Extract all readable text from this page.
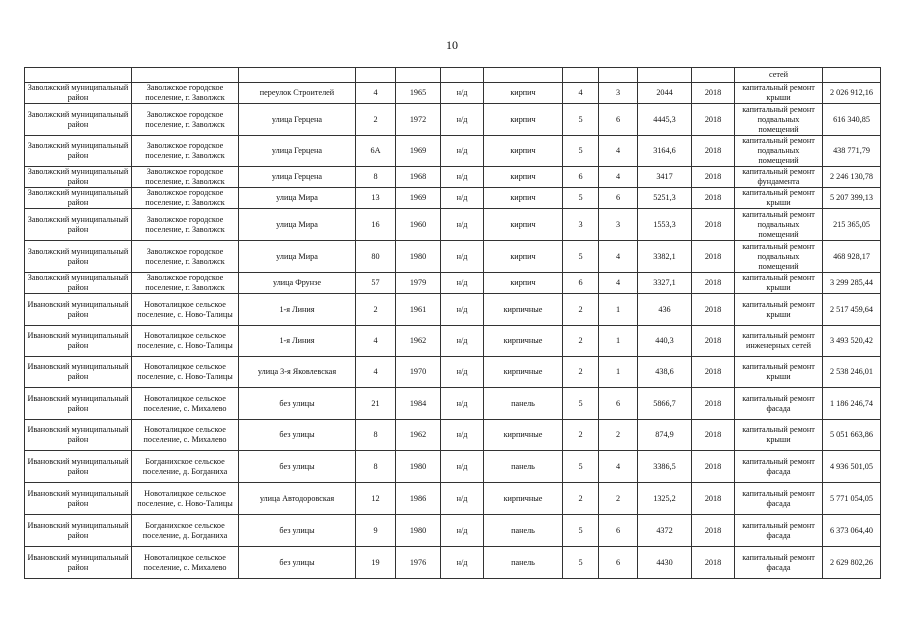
10
											сетей	
Заволжский муниципальный район	Заволжское городское поселение, г. Заволжск	переулок Строителей	4	1965	н/д	кирпич	4	3	2044	2018	капитальный ремонт крыши	2 026 912,16
Заволжский муниципальный район	Заволжское городское поселение, г. Заволжск	улица Герцена	2	1972	н/д	кирпич	5	6	4445,3	2018	капитальный ремонт подвальных помещений	616 340,85
Заволжский муниципальный район	Заволжское городское поселение, г. Заволжск	улица Герцена	6А	1969	н/д	кирпич	5	4	3164,6	2018	капитальный ремонт подвальных помещений	438 771,79
Заволжский муниципальный район	Заволжское городское поселение, г. Заволжск	улица Герцена	8	1968	н/д	кирпич	6	4	3417	2018	капитальный ремонт фундамента	2 246 130,78
Заволжский муниципальный район	Заволжское городское поселение, г. Заволжск	улица Мира	13	1969	н/д	кирпич	5	6	5251,3	2018	капитальный ремонт крыши	5 207 399,13
Заволжский муниципальный район	Заволжское городское поселение, г. Заволжск	улица Мира	16	1960	н/д	кирпич	3	3	1553,3	2018	капитальный ремонт подвальных помещений	215 365,05
Заволжский муниципальный район	Заволжское городское поселение, г. Заволжск	улица Мира	80	1980	н/д	кирпич	5	4	3382,1	2018	капитальный ремонт подвальных помещений	468 928,17
Заволжский муниципальный район	Заволжское городское поселение, г. Заволжск	улица Фрунзе	57	1979	н/д	кирпич	6	4	3327,1	2018	капитальный ремонт крыши	3 299 285,44
Ивановский муниципальный район	Новоталицкое сельское поселение, с. Ново-Талицы	1-я Линия	2	1961	н/д	кирпичные	2	1	436	2018	капитальный ремонт крыши	2 517 459,64
Ивановский муниципальный район	Новоталицкое сельское поселение, с. Ново-Талицы	1-я Линия	4	1962	н/д	кирпичные	2	1	440,3	2018	капитальный ремонт инженерных сетей	3 493 520,42
Ивановский муниципальный район	Новоталицкое сельское поселение, с. Ново-Талицы	улица 3-я Яковлевская	4	1970	н/д	кирпичные	2	1	438,6	2018	капитальный ремонт крыши	2 538 246,01
Ивановский муниципальный район	Новоталицкое сельское поселение, с. Михалево	без улицы	21	1984	н/д	панель	5	6	5866,7	2018	капитальный ремонт фасада	1 186 246,74
Ивановский муниципальный район	Новоталицкое сельское поселение, с. Михалево	без улицы	8	1962	н/д	кирпичные	2	2	874,9	2018	капитальный ремонт крыши	5 051 663,86
Ивановский муниципальный район	Богданихское сельское поселение, д. Богданиха	без улицы	8	1980	н/д	панель	5	4	3386,5	2018	капитальный ремонт фасада	4 936 501,05
Ивановский муниципальный район	Новоталицкое сельское поселение, с. Ново-Талицы	улица Автодоровская	12	1986	н/д	кирпичные	2	2	1325,2	2018	капитальный ремонт фасада	5 771 054,05
Ивановский муниципальный район	Богданихское сельское поселение, д. Богданиха	без улицы	9	1980	н/д	панель	5	6	4372	2018	капитальный ремонт фасада	6 373 064,40
Ивановский муниципальный район	Новоталицкое сельское поселение, с. Михалево	без улицы	19	1976	н/д	панель	5	6	4430	2018	капитальный ремонт фасада	2 629 802,26
